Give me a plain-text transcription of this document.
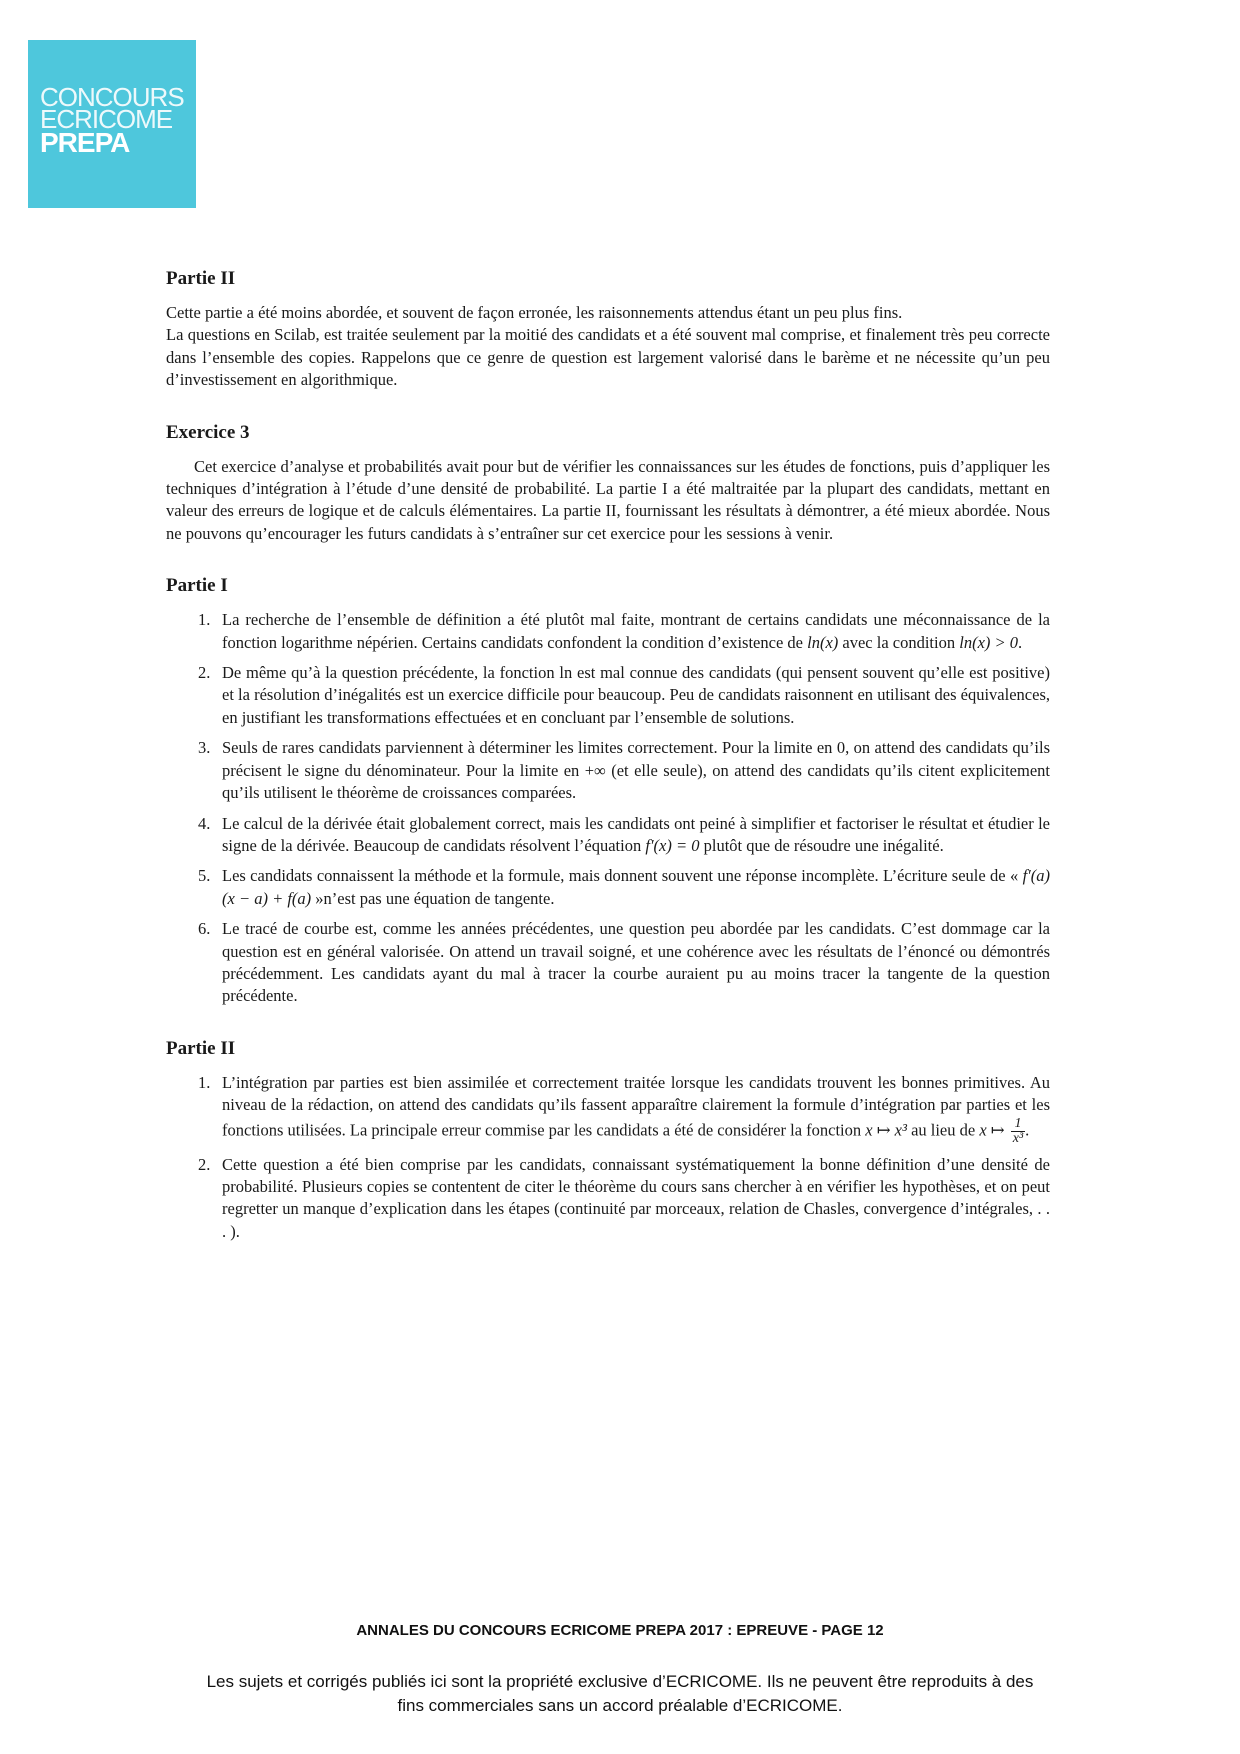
CONCOURS
ECRICOME
PREPA
Partie II

Cette partie a été moins abordée, et souvent de façon erronée, les raisonnements attendus étant un peu plus fins.

La questions en Scilab, est traitée seulement par la moitié des candidats et a été souvent mal comprise, et finalement très peu correcte dans l’ensemble des copies. Rappelons que ce genre de question est largement valorisé dans le barème et ne nécessite qu’un peu d’investissement en algorithmique.

Exercice 3

Cet exercice d’analyse et probabilités avait pour but de vérifier les connaissances sur les études de fonctions, puis d’appliquer les techniques d’intégration à l’étude d’une densité de probabilité. La partie I a été maltraitée par la plupart des candidats, mettant en valeur des erreurs de logique et de calculs élémentaires. La partie II, fournissant les résultats à démontrer, a été mieux abordée. Nous ne pouvons qu’encourager les futurs candidats à s’entraîner sur cet exercice pour les sessions à venir.

Partie I
1. La recherche de l’ensemble de définition a été plutôt mal faite, montrant de certains candidats une méconnaissance de la fonction logarithme népérien. Certains candidats confondent la condition d’existence de ln(x) avec la condition ln(x) > 0.
2. De même qu’à la question précédente, la fonction ln est mal connue des candidats (qui pensent souvent qu’elle est positive) et la résolution d’inégalités est un exercice difficile pour beaucoup. Peu de candidats raisonnent en utilisant des équivalences, en justifiant les transformations effectuées et en concluant par l’ensemble de solutions.
3. Seuls de rares candidats parviennent à déterminer les limites correctement. Pour la limite en 0, on attend des candidats qu’ils précisent le signe du dénominateur. Pour la limite en +∞ (et elle seule), on attend des candidats qu’ils citent explicitement qu’ils utilisent le théorème de croissances comparées.
4. Le calcul de la dérivée était globalement correct, mais les candidats ont peiné à simplifier et factoriser le résultat et étudier le signe de la dérivée. Beaucoup de candidats résolvent l’équation f′(x) = 0 plutôt que de résoudre une inégalité.
5. Les candidats connaissent la méthode et la formule, mais donnent souvent une réponse incomplète. L’écriture seule de « f′(a)(x − a) + f(a) »n’est pas une équation de tangente.
6. Le tracé de courbe est, comme les années précédentes, une question peu abordée par les candidats. C’est dommage car la question est en général valorisée. On attend un travail soigné, et une cohérence avec les résultats de l’énoncé ou démontrés précédemment. Les candidats ayant du mal à tracer la courbe auraient pu au moins tracer la tangente de la question précédente.
Partie II
1. L’intégration par parties est bien assimilée et correctement traitée lorsque les candidats trouvent les bonnes primitives. Au niveau de la rédaction, on attend des candidats qu’ils fassent apparaître clairement la formule d’intégration par parties et les fonctions utilisées. La principale erreur commise par les candidats a été de considérer la fonction x ↦ x³ au lieu de x ↦ $\frac{1}{\text{x³}}$ .
2. Cette question a été bien comprise par les candidats, connaissant systématiquement la bonne définition d’une densité de probabilité. Plusieurs copies se contentent de citer le théorème du cours sans chercher à en vérifier les hypothèses, et on peut regretter un manque d’explication dans les étapes (continuité par morceaux, relation de Chasles, convergence d’intégrales, . . . ).
ANNALES DU CONCOURS ECRICOME PREPA 2017 : EPREUVE - PAGE 12
Les sujets et corrigés publiés ici sont la propriété exclusive d’ECRICOME. Ils ne peuvent être reproduits à des
fins commerciales sans un accord préalable d’ECRICOME.
